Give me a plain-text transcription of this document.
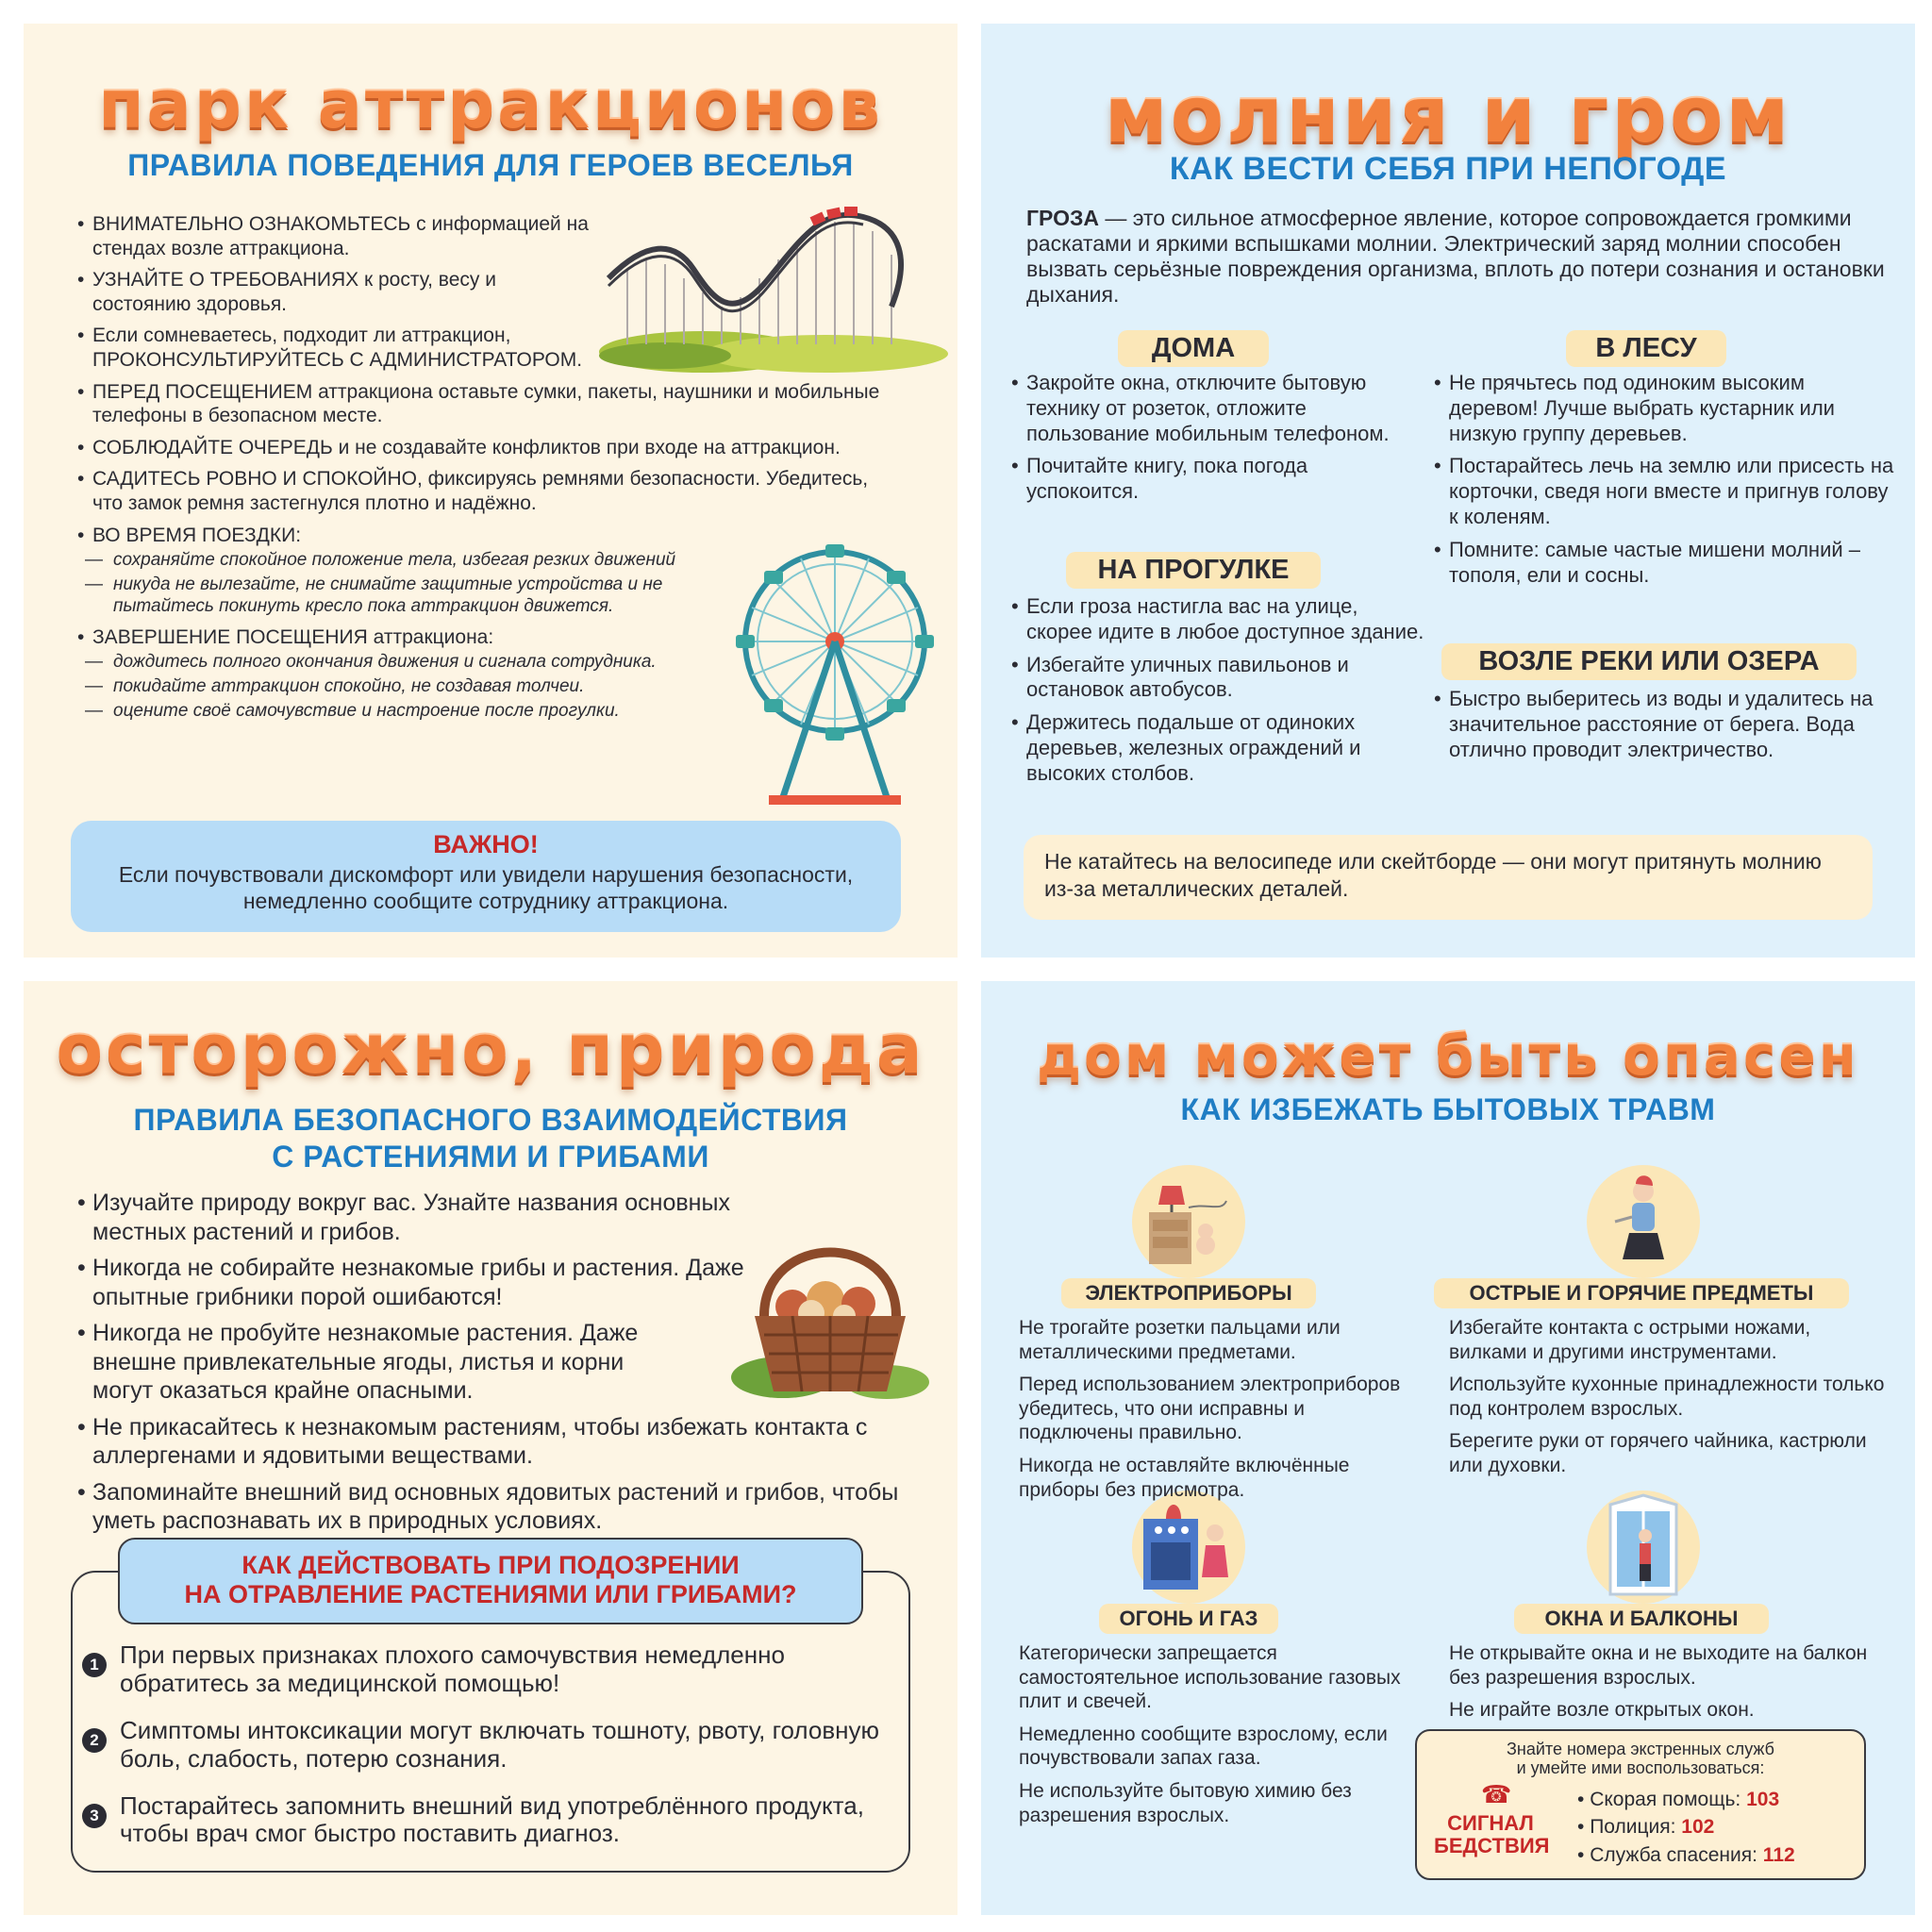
парк аттракционов
ПРАВИЛА ПОВЕДЕНИЯ ДЛЯ ГЕРОЕВ ВЕСЕЛЬЯ
• ВНИМАТЕЛЬНО ОЗНАКОМЬТЕСЬ с информацией на стендах возле аттракциона.
• УЗНАЙТЕ О ТРЕБОВАНИЯХ к росту, весу и состоянию здоровья.
• Если сомневаетесь, подходит ли аттракцион, ПРОКОНСУЛЬТИРУЙТЕСЬ С АДМИНИСТРАТОРОМ.
• ПЕРЕД ПОСЕЩЕНИЕМ аттракциона оставьте сумки, пакеты, наушники и мобильные телефоны в безопасном месте.
• СОБЛЮДАЙТЕ ОЧЕРЕДЬ и не создавайте конфликтов при входе на аттракцион.
• САДИТЕСЬ РОВНО И СПОКОЙНО, фиксируясь ремнями безопасности. Убедитесь, что замок ремня застегнулся плотно и надёжно.
• ВО ВРЕМЯ ПОЕЗДКИ:
— сохраняйте спокойное положение тела, избегая резких движений
— никуда не вылезайте, не снимайте защитные устройства и не пытайтесь покинуть кресло пока аттракцион движется.
• ЗАВЕРШЕНИЕ ПОСЕЩЕНИЯ аттракциона:
— дождитесь полного окончания движения и сигнала сотрудника.
— покидайте аттракцион спокойно, не создавая толчеи.
— оцените своё самочувствие и настроение после прогулки.
ВАЖНО!
Если почувствовали дискомфорт или увидели нарушения безопасности, немедленно сообщите сотруднику аттракциона.
молния и гром
КАК ВЕСТИ СЕБЯ ПРИ НЕПОГОДЕ
ГРОЗА — это сильное атмосферное явление, которое сопровождается громкими раскатами и яркими вспышками молнии. Электрический заряд молнии способен вызвать серьёзные повреждения организма, вплоть до потери сознания и остановки дыхания.
ДОМА
• Закройте окна, отключите бытовую технику от розеток, отложите пользование мобильным телефоном.
• Почитайте книгу, пока погода успокоится.
НА ПРОГУЛКЕ
• Если гроза настигла вас на улице, скорее идите в любое доступное здание.
• Избегайте уличных павильонов и остановок автобусов.
• Держитесь подальше от одиноких деревьев, железных ограждений и высоких столбов.
В ЛЕСУ
• Не прячьтесь под одиноким высоким деревом! Лучше выбрать кустарник или низкую группу деревьев.
• Постарайтесь лечь на землю или присесть на корточки, сведя ноги вместе и пригнув голову к коленям.
• Помните: самые частые мишени молний – тополя, ели и сосны.
ВОЗЛЕ РЕКИ ИЛИ ОЗЕРА
• Быстро выберитесь из воды и удалитесь на значительное расстояние от берега. Вода отлично проводит электричество.
Не катайтесь на велосипеде или скейтборде — они могут притянуть молнию из-за металлических деталей.
осторожно, природа
ПРАВИЛА БЕЗОПАСНОГО ВЗАИМОДЕЙСТВИЯ
С РАСТЕНИЯМИ И ГРИБАМИ
• Изучайте природу вокруг вас. Узнайте названия основных местных растений и грибов.
• Никогда не собирайте незнакомые грибы и растения. Даже опытные грибники порой ошибаются!
• Никогда не пробуйте незнакомые растения. Даже внешне привлекательные ягоды, листья и корни могут оказаться крайне опасными.
• Не прикасайтесь к незнакомым растениям, чтобы избежать контакта с аллергенами и ядовитыми веществами.
• Запоминайте внешний вид основных ядовитых растений и грибов, чтобы уметь распознавать их в природных условиях.
КАК ДЕЙСТВОВАТЬ ПРИ ПОДОЗРЕНИИ
НА ОТРАВЛЕНИЕ РАСТЕНИЯМИ ИЛИ ГРИБАМИ?
1 При первых признаках плохого самочувствия немедленно обратитесь за медицинской помощью!
2 Симптомы интоксикации могут включать тошноту, рвоту, головную боль, слабость, потерю сознания.
3 Постарайтесь запомнить внешний вид употреблённого продукта, чтобы врач смог быстро поставить диагноз.
дом может быть опасен
КАК ИЗБЕЖАТЬ БЫТОВЫХ ТРАВМ
ЭЛЕКТРОПРИБОРЫ

Не трогайте розетки пальцами или металлическими предметами.

Перед использованием электроприборов убедитесь, что они исправны и подключены правильно.

Никогда не оставляйте включённые приборы без присмотра.

ОСТРЫЕ И ГОРЯЧИЕ ПРЕДМЕТЫ

Избегайте контакта с острыми ножами, вилками и другими инструментами.

Используйте кухонные принадлежности только под контролем взрослых.

Берегите руки от горячего чайника, кастрюли или духовки.

ОГОНЬ И ГАЗ

Категорически запрещается самостоятельное использование газовых плит и свечей.

Немедленно сообщите взрослому, если почувствовали запах газа.

Не используйте бытовую химию без разрешения взрослых.

ОКНА И БАЛКОНЫ

Не открывайте окна и не выходите на балкон без разрешения взрослых.

Не играйте возле открытых окон.

Знайте номера экстренных служб
и умейте ими воспользоваться:
☎
СИГНАЛ
БЕДСТВИЯ
• Скорая помощь: 103
• Полиция: 102
• Служба спасения: 112
